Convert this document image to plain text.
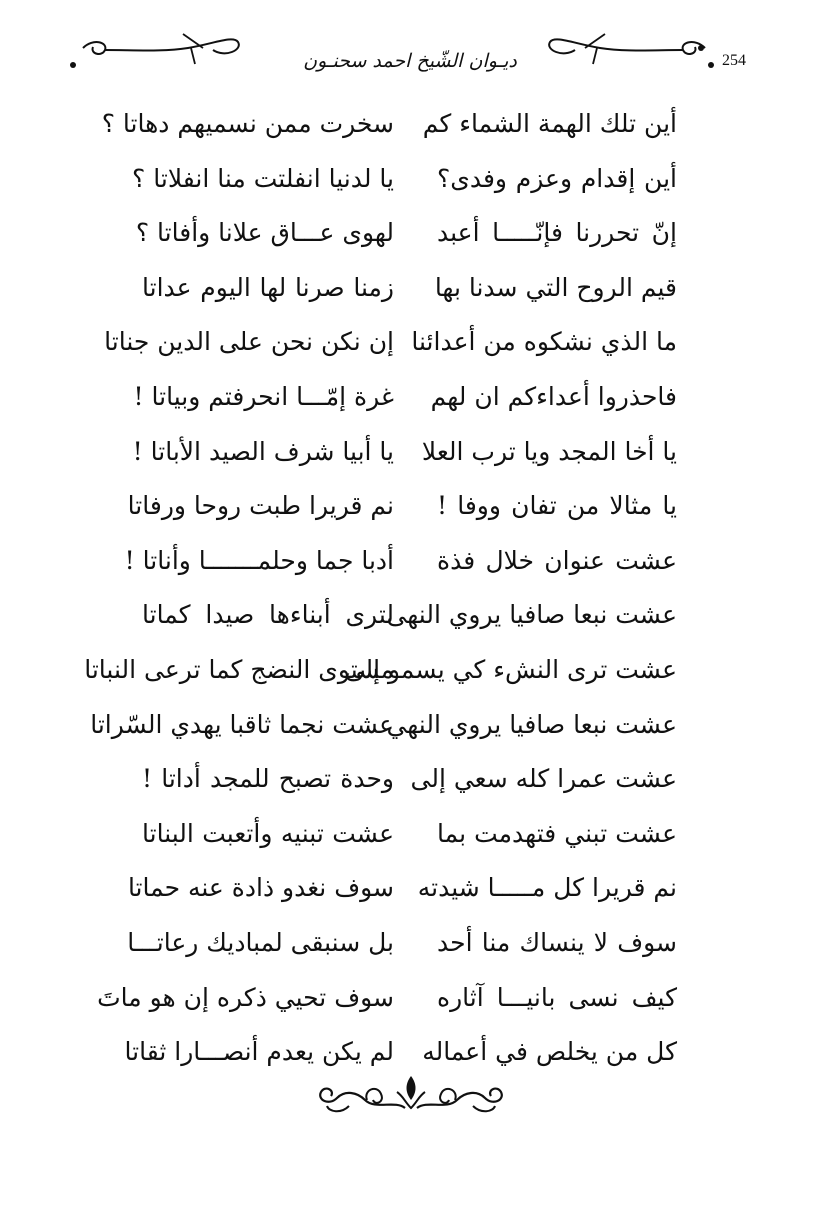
254
ديـوان الشّيخ احمد سحنـون
أين تلك الهمة الشماء كم
سخرت ممن نسميهم دهاتا ؟
أين إقدام وعزم وفدى؟
يا لدنيا انفلتت منا انفلاتا ؟
إنّ تحررنا فإنّـــــا أعبد
لهوى عـــاق علانا وأفاتا ؟
قيم الروح التي سدنا بها
زمنا صرنا لها اليوم عداتا
ما الذي نشكوه من أعدائنا
إن نكن نحن على الدين جناتا
فاحذروا أعداءكم ان لهم
غرة إمّـــا انحرفتم وبياتا !
يا أخا المجد ويا ترب العلا
يا أبيا شرف الصيد الأباتا !
يا مثالا من تفان ووفا !
نم قريرا طبت روحا ورفاتا
عشت عنوان خلال فذة
أدبا جما وحلمـــــــا وأناتا !
عشت نبعا صافيا يروي النهى
لترى أبناءها صيدا كماتا
عشت ترى النشء كي يسمو إلى
مستوى النضج كما ترعى النباتا
عشت نبعا صافيا يروي النهي
عشت نجما ثاقبا يهدي السّراتا
عشت عمرا كله سعي إلى
وحدة تصبح للمجد أداتا !
عشت تبني فتهدمت بما
عشت تبنيه وأتعبت البناتا
نم قريرا كل مـــــا شيدته
سوف نغدو ذادة عنه حماتا
سوف لا ينساك منا أحد
بل سنبقى لمباديك رعاتـــا
كيف نسى بانيـــا آثاره
سوف تحيي ذكره إن هو ماتَ
كل من يخلص في أعماله
لم يكن يعدم أنصـــارا ثقاتا
